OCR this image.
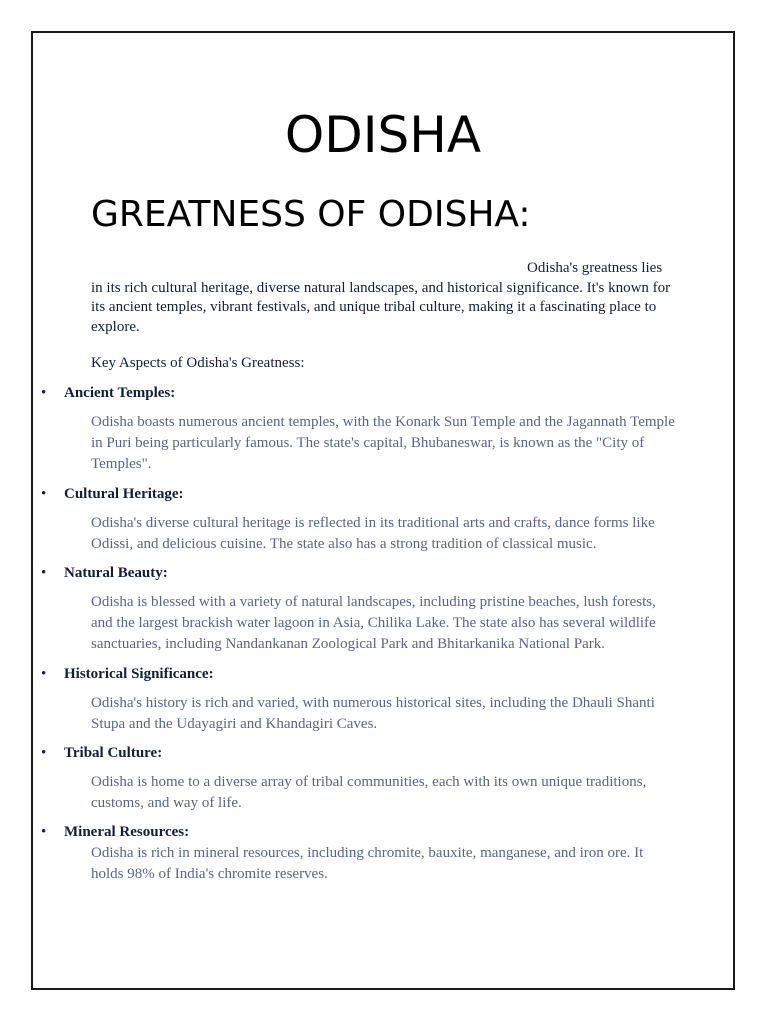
ODISHA
GREATNESS OF ODISHA:

Odisha's greatness lies in its rich cultural heritage, diverse natural landscapes, and historical significance. It's known for its ancient temples, vibrant festivals, and unique tribal culture, making it a fascinating place to explore.

Key Aspects of Odisha's Greatness:

• Ancient Temples:

Odisha boasts numerous ancient temples, with the Konark Sun Temple and the Jagannath Temple in Puri being particularly famous. The state's capital, Bhubaneswar, is known as the "City of Temples".

• Cultural Heritage:

Odisha's diverse cultural heritage is reflected in its traditional arts and crafts, dance forms like Odissi, and delicious cuisine. The state also has a strong tradition of classical music.

• Natural Beauty:

Odisha is blessed with a variety of natural landscapes, including pristine beaches, lush forests, and the largest brackish water lagoon in Asia, Chilika Lake. The state also has several wildlife sanctuaries, including Nandankanan Zoological Park and Bhitarkanika National Park.

• Historical Significance:

Odisha's history is rich and varied, with numerous historical sites, including the Dhauli Shanti Stupa and the Udayagiri and Khandagiri Caves.

• Tribal Culture:

Odisha is home to a diverse array of tribal communities, each with its own unique traditions, customs, and way of life.

• Mineral Resources:

Odisha is rich in mineral resources, including chromite, bauxite, manganese, and iron ore. It holds 98% of India's chromite reserves.
